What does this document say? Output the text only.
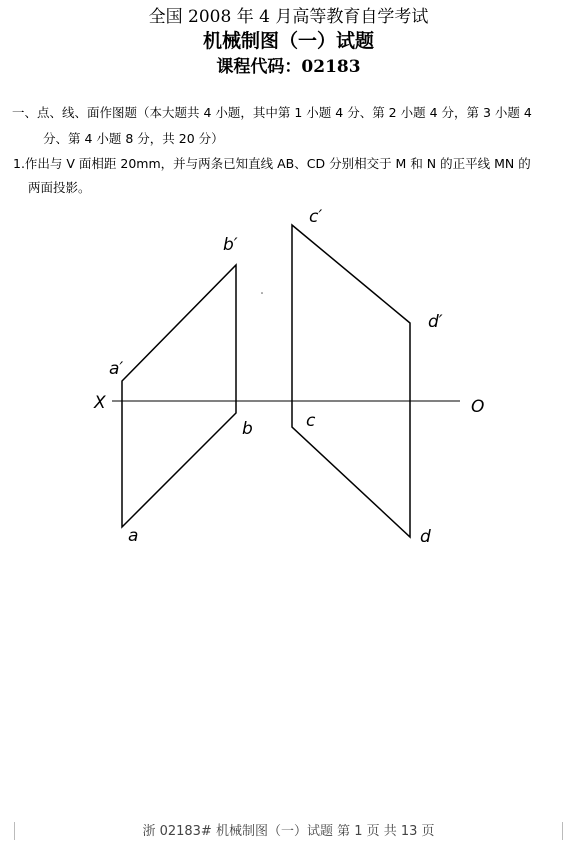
全国 2008 年 4 月高等教育自学考试
机械制图（一）试题
课程代码：02183
一、点、线、面作图题（本大题共 4 小题，其中第 1 小题 4 分、第 2 小题 4 分，第 3 小题 4
分、第 4 小题 8 分，共 20 分）
1.作出与 V 面相距 20mm，并与两条已知直线 AB、CD 分别相交于 M 和 N 的正平线 MN 的
两面投影。
b′
c′
d′
a′
X	O
b	c
a	d
浙 02183# 机械制图（一）试题 第 1 页 共 13 页
